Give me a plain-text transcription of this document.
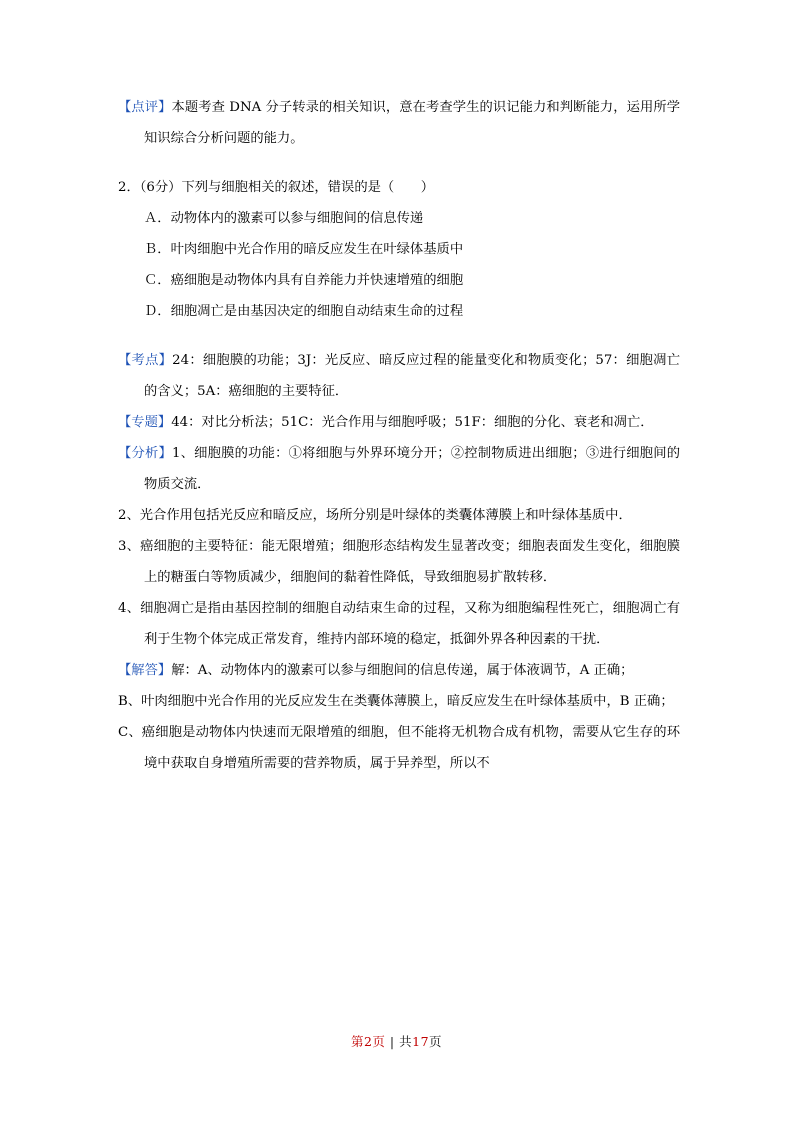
【点评】本题考查 DNA 分子转录的相关知识，意在考查学生的识记能力和判断能力，运用所学知识综合分析问题的能力。

2．（6分）下列与细胞相关的叙述，错误的是（　　）

Ａ．动物体内的激素可以参与细胞间的信息传递

Ｂ．叶肉细胞中光合作用的暗反应发生在叶绿体基质中

Ｃ．癌细胞是动物体内具有自养能力并快速增殖的细胞

Ｄ．细胞凋亡是由基因决定的细胞自动结束生命的过程

【考点】24：细胞膜的功能；3J：光反应、暗反应过程的能量变化和物质变化；57：细胞凋亡的含义；5A：癌细胞的主要特征．

【专题】44：对比分析法；51C：光合作用与细胞呼吸；51F：细胞的分化、衰老和凋亡．

【分析】1、细胞膜的功能：①将细胞与外界环境分开；②控制物质进出细胞；③进行细胞间的物质交流．

2、光合作用包括光反应和暗反应，场所分别是叶绿体的类囊体薄膜上和叶绿体基质中．

3、癌细胞的主要特征：能无限增殖；细胞形态结构发生显著改变；细胞表面发生变化，细胞膜上的糖蛋白等物质减少，细胞间的黏着性降低，导致细胞易扩散转移．

4、细胞凋亡是指由基因控制的细胞自动结束生命的过程，又称为细胞编程性死亡，细胞凋亡有利于生物个体完成正常发育，维持内部环境的稳定，抵御外界各种因素的干扰．

【解答】解：A、动物体内的激素可以参与细胞间的信息传递，属于体液调节，A 正确；

B、叶肉细胞中光合作用的光反应发生在类囊体薄膜上，暗反应发生在叶绿体基质中，B 正确；

C、癌细胞是动物体内快速而无限增殖的细胞，但不能将无机物合成有机物，需要从它生存的环境中获取自身增殖所需要的营养物质，属于异养型，所以不

第2页 | 共17页
